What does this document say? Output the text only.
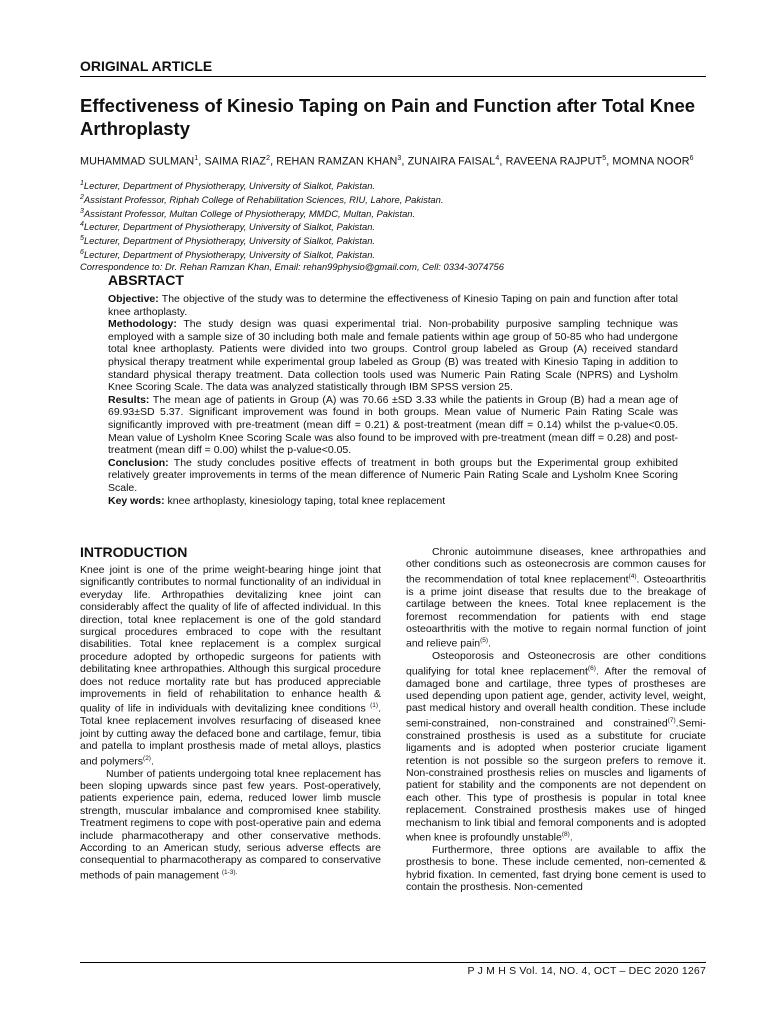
ORIGINAL ARTICLE
Effectiveness of Kinesio Taping on Pain and Function after Total Knee Arthroplasty
MUHAMMAD SULMAN$^1$, SAIMA RIAZ$^2$, REHAN RAMZAN KHAN$^3$, ZUNAIRA FAISAL$^4$, RAVEENA RAJPUT$^5$, MOMNA NOOR$^6$
$^1$Lecturer, Department of Physiotherapy, University of Sialkot, Pakistan.
$^2$Assistant Professor, Riphah College of Rehabilitation Sciences, RIU, Lahore, Pakistan.
$^3$Assistant Professor, Multan College of Physiotherapy, MMDC, Multan, Pakistan.
$^4$Lecturer, Department of Physiotherapy, University of Sialkot, Pakistan.
$^5$Lecturer, Department of Physiotherapy, University of Sialkot, Pakistan.
$^6$Lecturer, Department of Physiotherapy, University of Sialkot, Pakistan.
Correspondence to: Dr. Rehan Ramzan Khan, Email: rehan99physio@gmail.com, Cell: 0334-3074756
ABSRTACT

Objective: The objective of the study was to determine the effectiveness of Kinesio Taping on pain and function after total knee arthoplasty.

Methodology: The study design was quasi experimental trial. Non-probability purposive sampling technique was employed with a sample size of 30 including both male and female patients within age group of 50-85 who had undergone total knee arthoplasty. Patients were divided into two groups. Control group labeled as Group (A) received standard physical therapy treatment while experimental group labeled as Group (B) was treated with Kinesio Taping in addition to standard physical therapy treatment. Data collection tools used was Numeric Pain Rating Scale (NPRS) and Lysholm Knee Scoring Scale. The data was analyzed statistically through IBM SPSS version 25.

Results: The mean age of patients in Group (A) was 70.66 ±SD 3.33 while the patients in Group (B) had a mean age of 69.93±SD 5.37. Significant improvement was found in both groups. Mean value of Numeric Pain Rating Scale was significantly improved with pre-treatment (mean diff = 0.21) & post-treatment (mean diff = 0.14) whilst the p-value<0.05. Mean value of Lysholm Knee Scoring Scale was also found to be improved with pre-treatment (mean diff = 0.28) and post-treatment (mean diff = 0.00) whilst the p-value<0.05.

Conclusion: The study concludes positive effects of treatment in both groups but the Experimental group exhibited relatively greater improvements in terms of the mean difference of Numeric Pain Rating Scale and Lysholm Knee Scoring Scale.

Key words: knee arthoplasty, kinesiology taping, total knee replacement

INTRODUCTION

Knee joint is one of the prime weight-bearing hinge joint that significantly contributes to normal functionality of an individual in everyday life. Arthropathies devitalizing knee joint can considerably affect the quality of life of affected individual. In this direction, total knee replacement is one of the gold standard surgical procedures embraced to cope with the resultant disabilities. Total knee replacement is a complex surgical procedure adopted by orthopedic surgeons for patients with debilitating knee arthropathies. Although this surgical procedure does not reduce mortality rate but has produced appreciable improvements in field of rehabilitation to enhance health & quality of life in individuals with devitalizing knee conditions $^{(1)}$. Total knee replacement involves resurfacing of diseased knee joint by cutting away the defaced bone and cartilage, femur, tibia and patella to implant prosthesis made of metal alloys, plastics and polymers$^{(2)}$.

Number of patients undergoing total knee replacement has been sloping upwards since past few years. Post-operatively, patients experience pain, edema, reduced lower limb muscle strength, muscular imbalance and compromised knee stability. Treatment regimens to cope with post-operative pain and edema include pharmacotherapy and other conservative methods. According to an American study, serious adverse effects are consequential to pharmacotherapy as compared to conservative methods of pain management $^{(1-3).}$

Chronic autoimmune diseases, knee arthropathies and other conditions such as osteonecrosis are common causes for the recommendation of total knee replacement$^{(4)}$. Osteoarthritis is a prime joint disease that results due to the breakage of cartilage between the knees. Total knee replacement is the foremost recommendation for patients with end stage osteoarthritis with the motive to regain normal function of joint and relieve pain$^{(5)}$.

Osteoporosis and Osteonecrosis are other conditions qualifying for total knee replacement$^{(6)}$. After the removal of damaged bone and cartilage, three types of prostheses are used depending upon patient age, gender, activity level, weight, past medical history and overall health condition. These include semi-constrained, non-constrained and constrained$^{(7)}$.Semi-constrained prosthesis is used as a substitute for cruciate ligaments and is adopted when posterior cruciate ligament retention is not possible so the surgeon prefers to remove it. Non-constrained prosthesis relies on muscles and ligaments of patient for stability and the components are not dependent on each other. This type of prosthesis is popular in total knee replacement. Constrained prosthesis makes use of hinged mechanism to link tibial and femoral components and is adopted when knee is profoundly unstable$^{(8)}$.

Furthermore, three options are available to affix the prosthesis to bone. These include cemented, non-cemented & hybrid fixation. In cemented, fast drying bone cement is used to contain the prosthesis. Non-cemented

P J M H S Vol. 14, NO. 4, OCT – DEC 2020 1267
